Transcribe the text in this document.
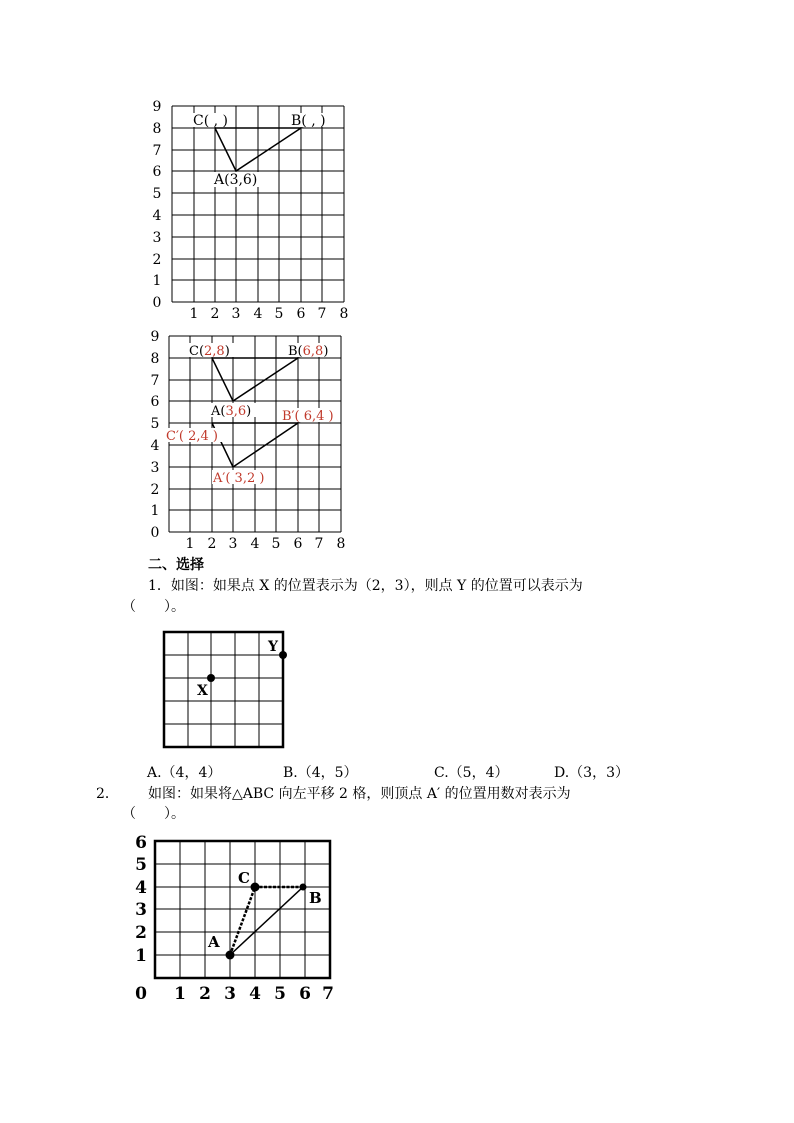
0
1
2
3
4
5
6
7
8
9
1 2 3 4 5 6 7 8
C( , )	B( , )
A(3,6)
0
1
2
3
4
5
6
7
8
9
1 2 3 4 5 6 7 8
C(2,8)	B(6,8)
A(3,6) B′( 6,4 )
C′( 2,4 )
A′( 3,2 )
二、选择
1．如图：如果点 X 的位置表示为（2，3），则点 Y 的位置可以表示为
（　　）。
X
Y
A.（4，4）	B.（4，5）	C.（5，4）	D.（3，3）
2． 如图：如果将△ABC 向左平移 2 格，则顶点 A′ 的位置用数对表示为
（　　）。
A
C
B
1
2
3
4
5
6
0 1 2 3 4 5 6 7
